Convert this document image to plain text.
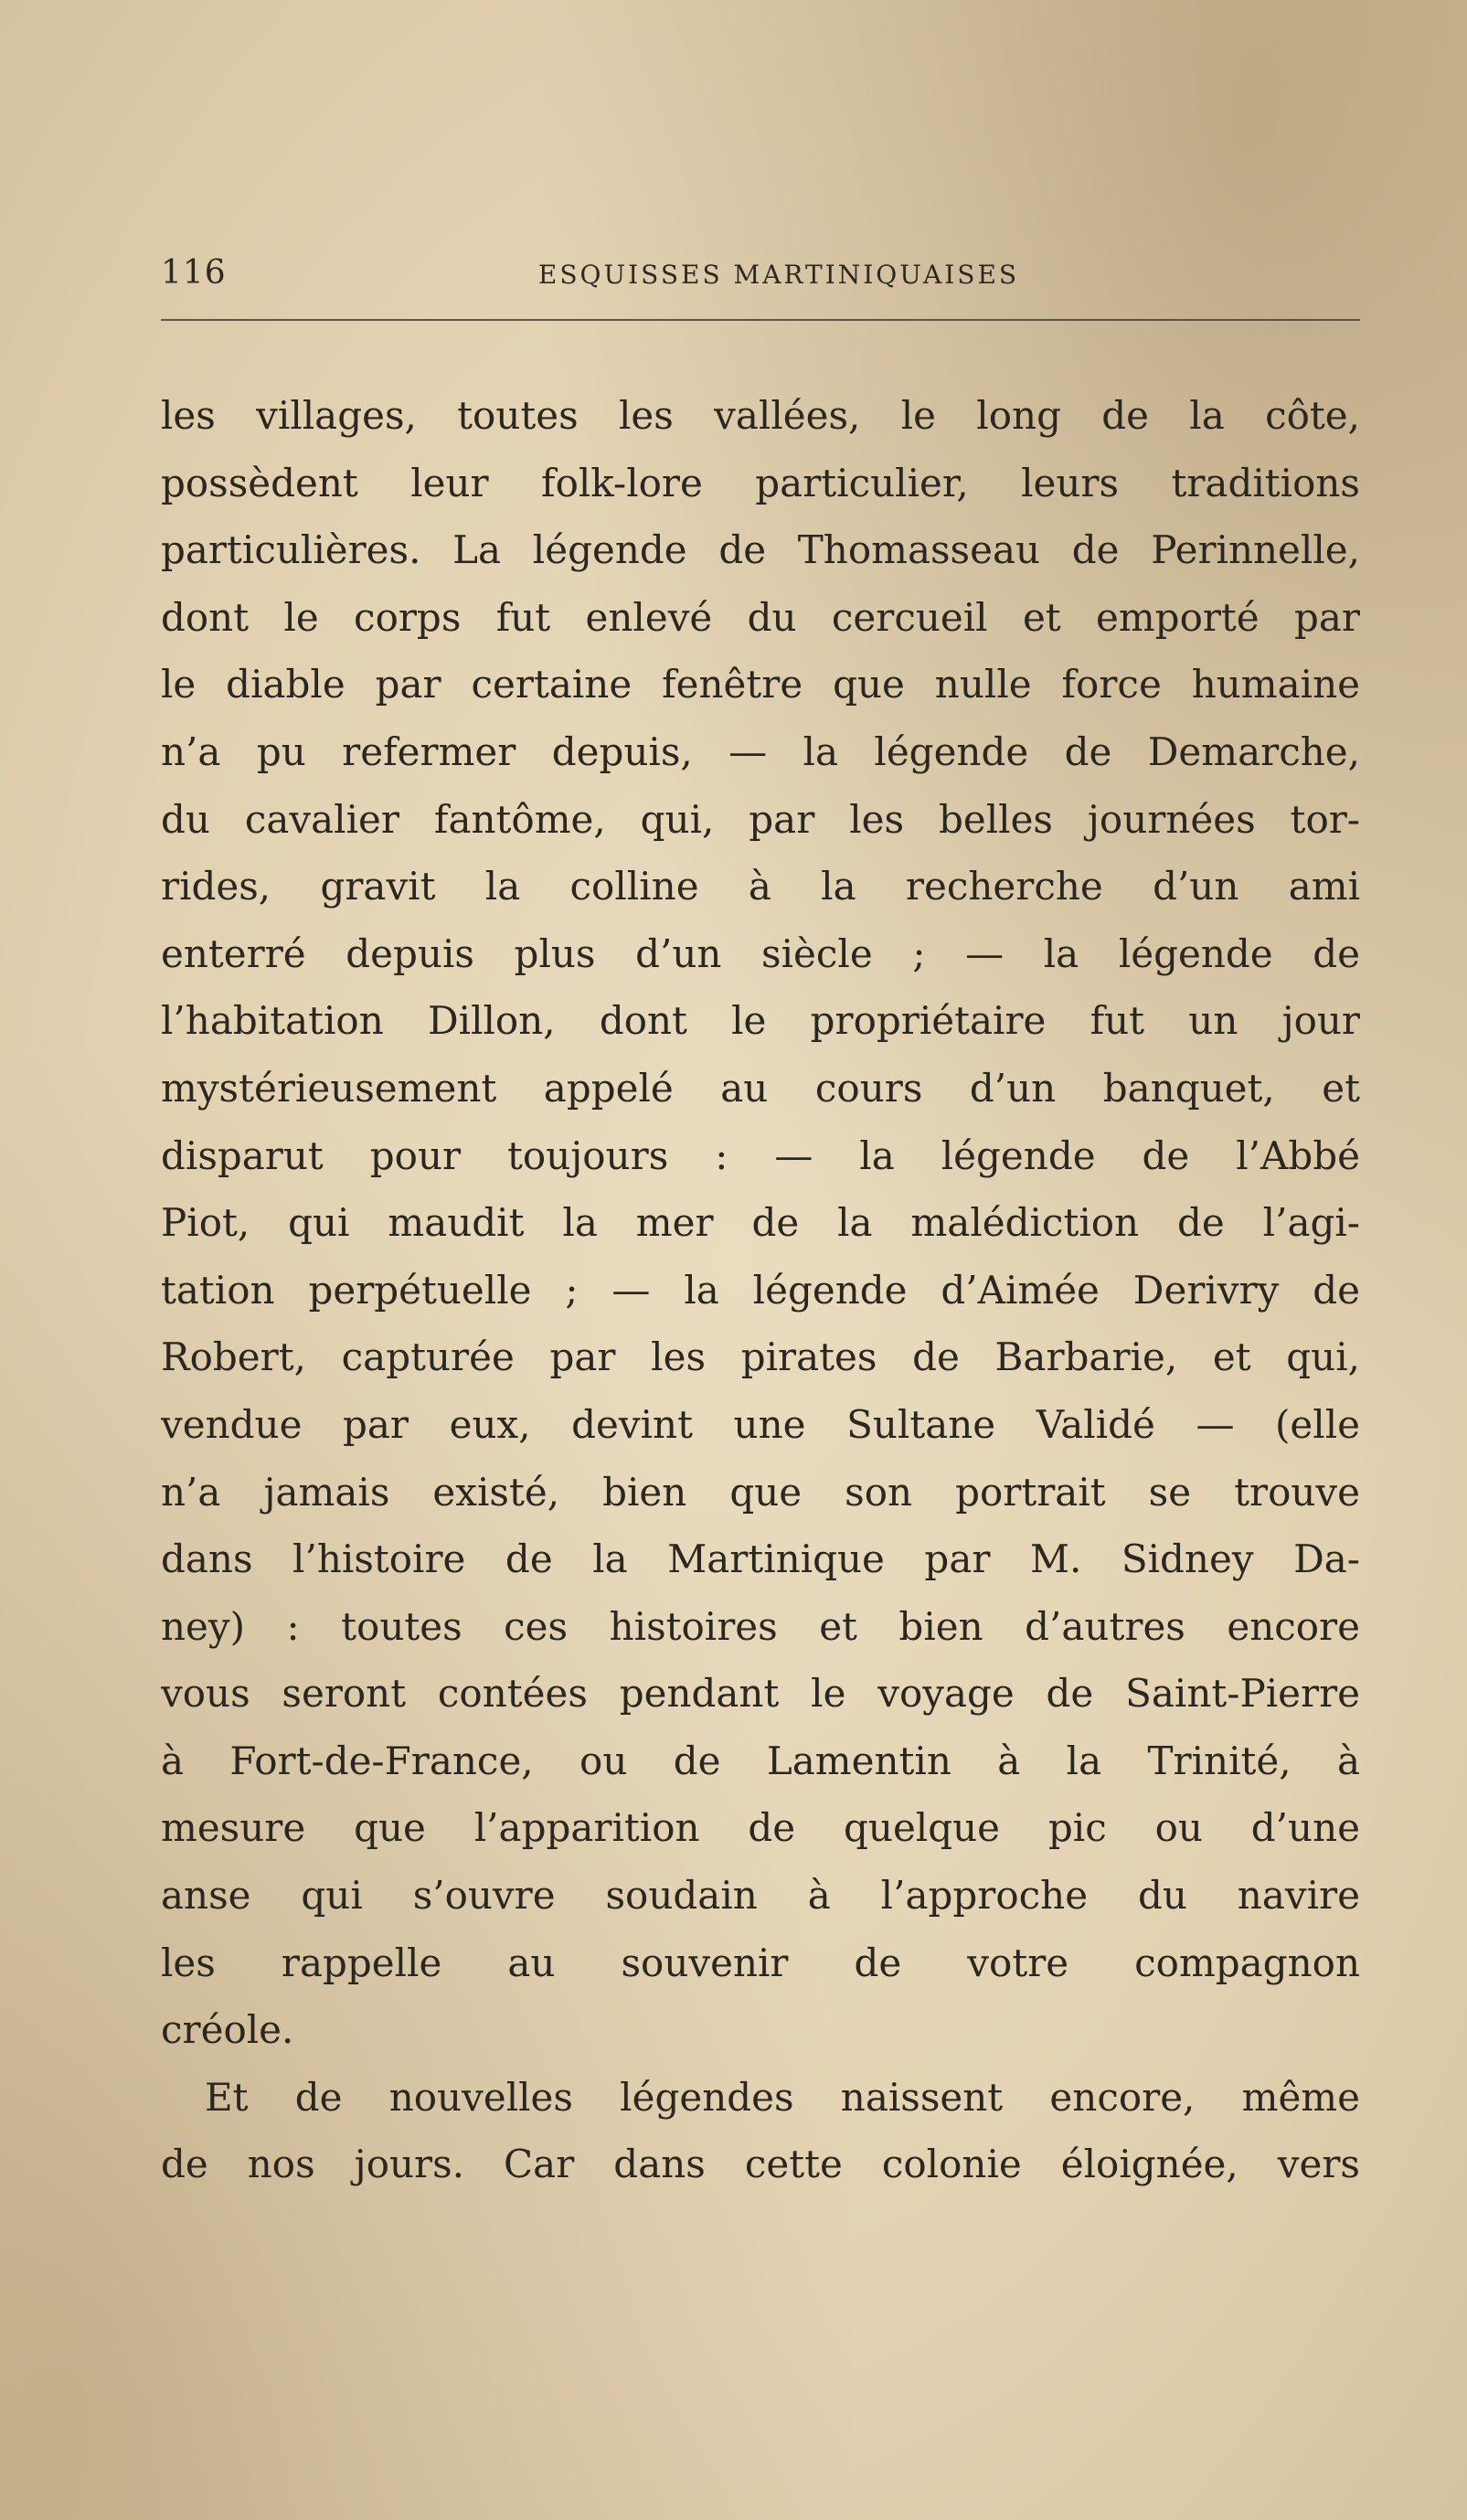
116	ESQUISSES MARTINIQUAISES
les villages, toutes les vallées, le long de la côte,
possèdent leur folk-lore particulier, leurs traditions
particulières. La légende de Thomasseau de Perinnelle,
dont le corps fut enlevé du cercueil et emporté par
le diable par certaine fenêtre que nulle force humaine
n’a pu refermer depuis, — la légende de Demarche,
du cavalier fantôme, qui, par les belles journées tor-
rides, gravit la colline à la recherche d’un ami
enterré depuis plus d’un siècle ; — la légende de
l’habitation Dillon, dont le propriétaire fut un jour
mystérieusement appelé au cours d’un banquet, et
disparut pour toujours : — la légende de l’Abbé
Piot, qui maudit la mer de la malédiction de l’agi-
tation perpétuelle ; — la légende d’Aimée Derivry de
Robert, capturée par les pirates de Barbarie, et qui,
vendue par eux, devint une Sultane Validé — (elle
n’a jamais existé, bien que son portrait se trouve
dans l’histoire de la Martinique par M. Sidney Da-
ney) : toutes ces histoires et bien d’autres encore
vous seront contées pendant le voyage de Saint-Pierre
à Fort-de-France, ou de Lamentin à la Trinité, à
mesure que l’apparition de quelque pic ou d’une
anse qui s’ouvre soudain à l’approche du navire
les rappelle au souvenir de votre compagnon
créole.
Et de nouvelles légendes naissent encore, même
de nos jours. Car dans cette colonie éloignée, vers
